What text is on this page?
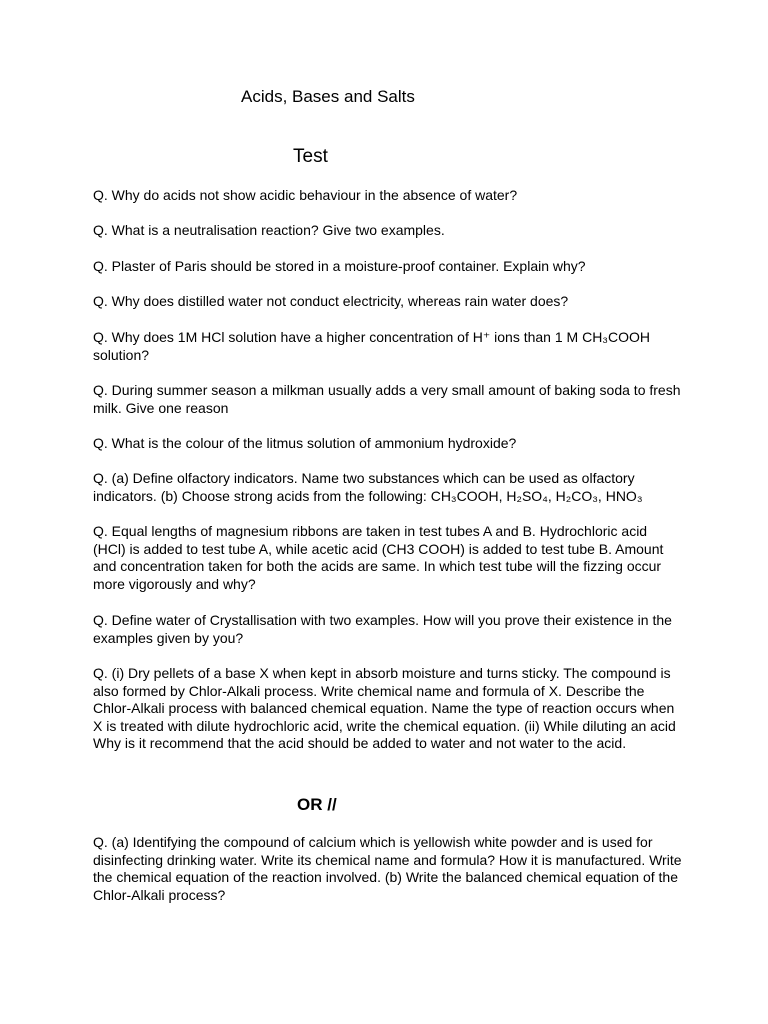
Acids, Bases and Salts
Test

Q. Why do acids not show acidic behaviour in the absence of water?

Q. What is a neutralisation reaction? Give two examples.

Q. Plaster of Paris should be stored in a moisture-proof container. Explain why?

Q. Why does distilled water not conduct electricity, whereas rain water does?

Q. Why does 1M HCl solution have a higher concentration of H⁺ ions than 1 M CH₃COOH solution?

Q. During summer season a milkman usually adds a very small amount of baking soda to fresh milk. Give one reason

Q. What is the colour of the litmus solution of ammonium hydroxide?

Q. (a) Define olfactory indicators. Name two substances which can be used as olfactory indicators. (b) Choose strong acids from the following: CH₃COOH, H₂SO₄, H₂CO₃, HNO₃

Q. Equal lengths of magnesium ribbons are taken in test tubes A and B. Hydrochloric acid (HCl) is added to test tube A, while acetic acid (CH3 COOH) is added to test tube B. Amount and concentration taken for both the acids are same. In which test tube will the fizzing occur more vigorously and why?

Q. Define water of Crystallisation with two examples. How will you prove their existence in the examples given by you?

Q. (i) Dry pellets of a base X when kept in absorb moisture and turns sticky. The compound is also formed by Chlor-Alkali process. Write chemical name and formula of X. Describe the Chlor-Alkali process with balanced chemical equation. Name the type of reaction occurs when X is treated with dilute hydrochloric acid, write the chemical equation. (ii) While diluting an acid Why is it recommend that the acid should be added to water and not water to the acid.

OR //

Q. (a) Identifying the compound of calcium which is yellowish white powder and is used for disinfecting drinking water. Write its chemical name and formula? How it is manufactured. Write the chemical equation of the reaction involved. (b) Write the balanced chemical equation of the Chlor-Alkali process?
